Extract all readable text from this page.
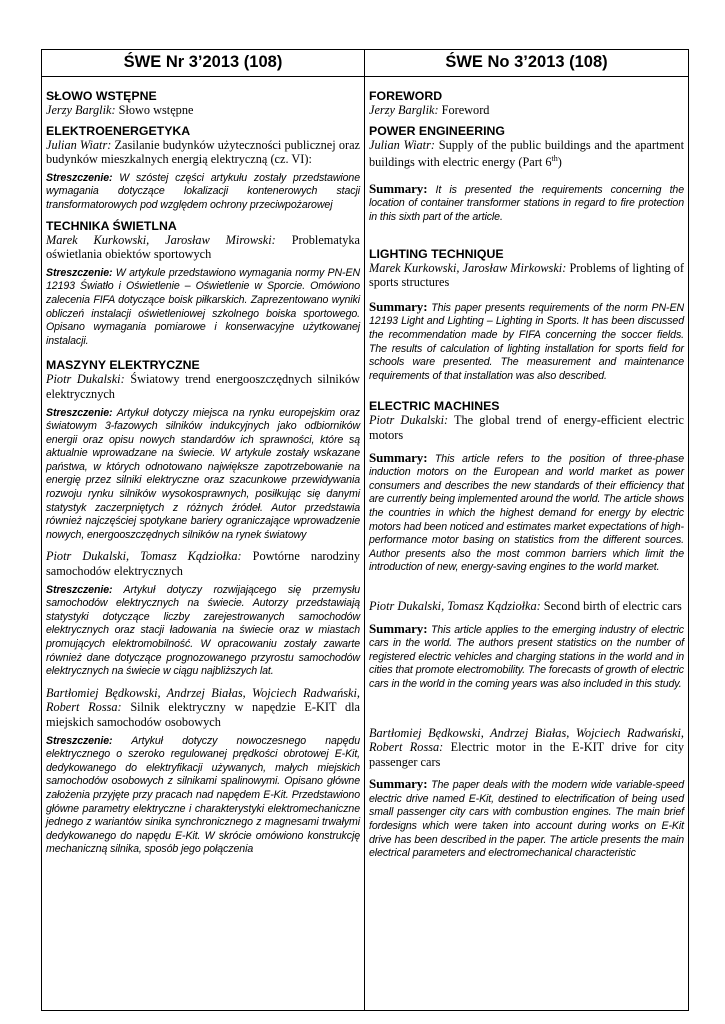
ŚWE Nr 3’2013 (108)
SŁOWO WSTĘPNE

Jerzy Barglik: Słowo wstępne

ELEKTROENERGETYKA

Julian Wiatr: Zasilanie budynków użyteczności publicznej oraz budynków mieszkalnych energią elektryczną (cz. VI):

Streszczenie: W szóstej części artykułu zostały przedstawione wymagania dotyczące lokalizacji kontenerowych stacji transformatorowych pod względem ochrony przeciwpożarowej

TECHNIKA ŚWIETLNA

Marek Kurkowski, Jarosław Mirowski: Problematyka oświetlania obiektów sportowych

Streszczenie: W artykule przedstawiono wymagania normy PN-EN 12193 Światło i Oświetlenie – Oświetlenie w Sporcie. Omówiono zalecenia FIFA dotyczące boisk piłkarskich. Zaprezentowano wyniki obliczeń instalacji oświetleniowej szkolnego boiska sportowego. Opisano wymagania pomiarowe i konserwacyjne użytkowanej instalacji.

MASZYNY ELEKTRYCZNE

Piotr Dukalski: Światowy trend energooszczędnych silników elektrycznych

Streszczenie: Artykuł dotyczy miejsca na rynku europejskim oraz światowym 3-fazowych silników indukcyjnych jako odbiorników energii oraz opisu nowych standardów ich sprawności, które są aktualnie wprowadzane na świecie. W artykule zostały wskazane państwa, w których odnotowano największe zapotrzebowanie na energię przez silniki elektryczne oraz szacunkowe przewidywania rozwoju rynku silników wysokosprawnych, posiłkując się danymi statystyk zaczerpniętych z różnych źródeł. Autor przedstawia również najczęściej spotykane bariery ograniczające wprowadzenie nowych, energooszczędnych silników na rynek światowy

Piotr Dukalski, Tomasz Kądziołka: Powtórne narodziny samochodów elektrycznych

Streszczenie: Artykuł dotyczy rozwijającego się przemysłu samochodów elektrycznych na świecie. Autorzy przedstawiają statystyki dotyczące liczby zarejestrowanych samochodów elektrycznych oraz stacji ładowania na świecie oraz w miastach promujących elektromobilność. W opracowaniu zostały zawarte również dane dotyczące prognozowanego przyrostu samochodów elektrycznych na świecie w ciągu najbliższych lat.

Bartłomiej Będkowski, Andrzej Białas, Wojciech Radwański, Robert Rossa: Silnik elektryczny w napędzie E-KIT dla miejskich samochodów osobowych

Streszczenie: Artykuł dotyczy nowoczesnego napędu elektrycznego o szeroko regulowanej prędkości obrotowej E-Kit, dedykowanego do elektryfikacji używanych, małych miejskich samochodów osobowych z silnikami spalinowymi. Opisano główne założenia przyjęte przy pracach nad napędem E-Kit. Przedstawiono główne parametry elektryczne i charakterystyki elektromechaniczne jednego z wariantów sinika synchronicznego z magnesami trwałymi dedykowanego do napędu E-Kit. W skrócie omówiono konstrukcję mechaniczną silnika, sposób jego połączenia

ŚWE No 3’2013 (108)
FOREWORD

Jerzy Barglik: Foreword

POWER ENGINEERING

Julian Wiatr: Supply of the public buildings and the apartment buildings with electric energy (Part 6th)

Summary: It is presented the requirements concerning the location of container transformer stations in regard to fire protection in this sixth part of the article.

LIGHTING TECHNIQUE

Marek Kurkowski, Jarosław Mirkowski: Problems of lighting of sports structures

Summary: This paper presents requirements of the norm PN-EN 12193 Light and Lighting – Lighting in Sports. It has been discussed the recommendation made by FIFA concerning the soccer fields. The results of calculation of lighting installation for sports field for schools ware presented. The measurement and maintenance requirements of that installation was also described.

ELECTRIC MACHINES

Piotr Dukalski: The global trend of energy-efficient electric motors

Summary: This article refers to the position of three-phase induction motors on the European and world market as power consumers and describes the new standards of their efficiency that are currently being implemented around the world. The article shows the countries in which the highest demand for energy by electric motors had been noticed and estimates market expectations of high-performance motor basing on statistics from the different sources. Author presents also the most common barriers which limit the introduction of new, energy-saving engines to the world market.

Piotr Dukalski, Tomasz Kądziołka: Second birth of electric cars

Summary: This article applies to the emerging industry of electric cars in the world. The authors present statistics on the number of registered electric vehicles and charging stations in the world and in cities that promote electromobility. The forecasts of growth of electric cars in the world in the coming years was also included in this study.

Bartłomiej Będkowski, Andrzej Białas, Wojciech Radwański, Robert Rossa: Electric motor in the E-KIT drive for city passenger cars

Summary: The paper deals with the modern wide variable-speed electric drive named E-Kit, destined to electrification of being used small passenger city cars with combustion engines. The main brief fordesigns which were taken into account during works on E-Kit drive has been described in the paper. The article presents the main electrical parameters and electromechanical characteristic
